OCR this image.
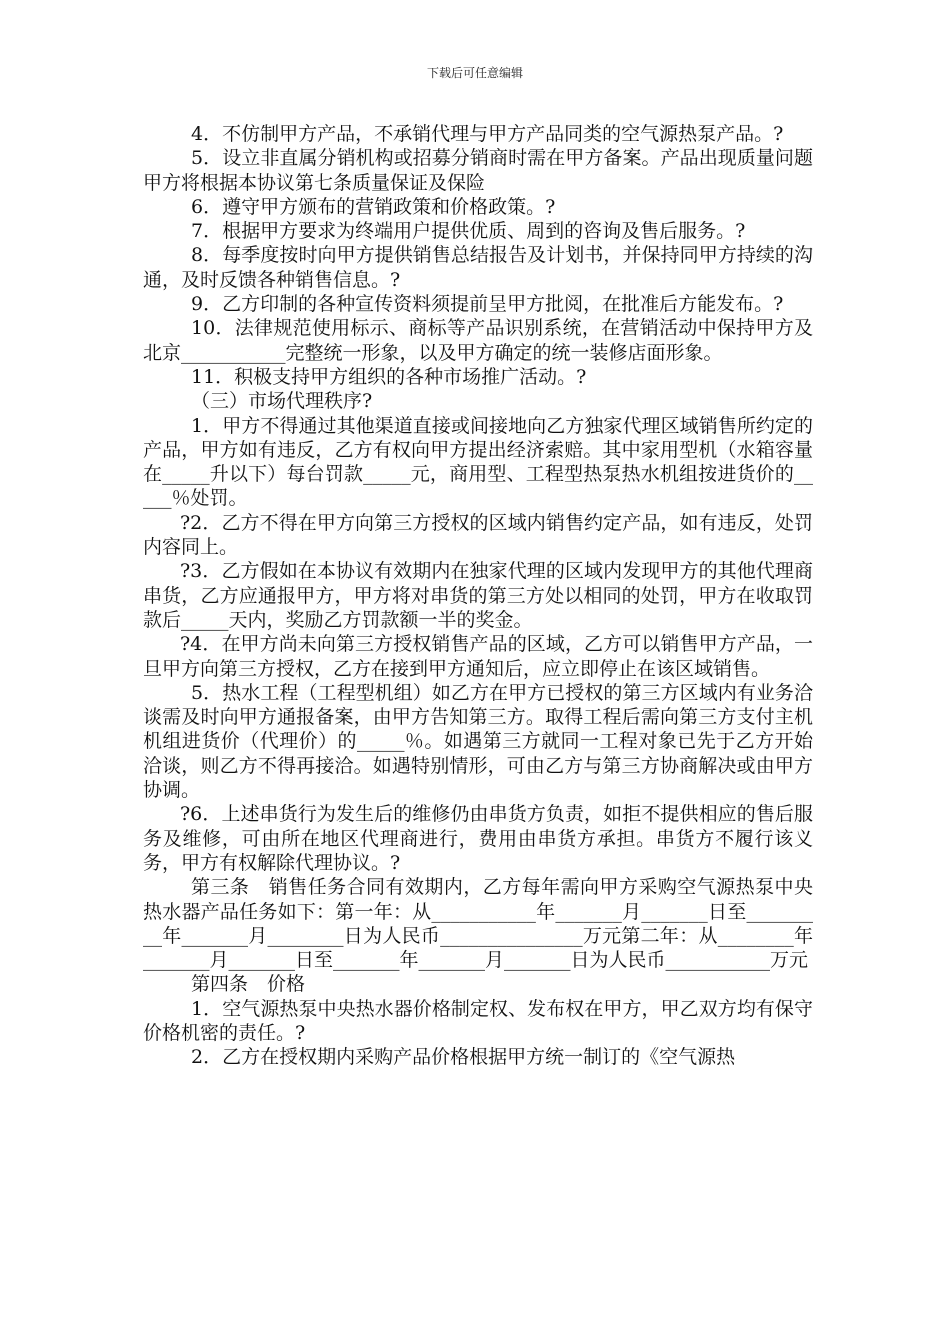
下载后可任意编辑

4．不仿制甲方产品，不承销代理与甲方产品同类的空气源热泵产品。?

5．设立非直属分销机构或招募分销商时需在甲方备案。产品出现质量问题甲方将根据本协议第七条质量保证及保险

6．遵守甲方颁布的营销政策和价格政策。?

7．根据甲方要求为终端用户提供优质、周到的咨询及售后服务。?

8．每季度按时向甲方提供销售总结报告及计划书，并保持同甲方持续的沟通，及时反馈各种销售信息。?

9．乙方印制的各种宣传资料须提前呈甲方批阅，在批准后方能发布。?

10．法律规范使用标示、商标等产品识别系统，在营销活动中保持甲方及北京___________完整统一形象，以及甲方确定的统一装修店面形象。

11．积极支持甲方组织的各种市场推广活动。?

（三）市场代理秩序?

1．甲方不得通过其他渠道直接或间接地向乙方独家代理区域销售所约定的产品，甲方如有违反，乙方有权向甲方提出经济索赔。其中家用型机（水箱容量在_____升以下）每台罚款_____元，商用型、工程型热泵热水机组按进货价的_____％处罚。

?2．乙方不得在甲方向第三方授权的区域内销售约定产品，如有违反，处罚内容同上。

?3．乙方假如在本协议有效期内在独家代理的区域内发现甲方的其他代理商串货，乙方应通报甲方，甲方将对串货的第三方处以相同的处罚，甲方在收取罚款后_____天内，奖励乙方罚款额一半的奖金。

?4．在甲方尚未向第三方授权销售产品的区域，乙方可以销售甲方产品，一旦甲方向第三方授权，乙方在接到甲方通知后，应立即停止在该区域销售。

5．热水工程（工程型机组）如乙方在甲方已授权的第三方区域内有业务洽谈需及时向甲方通报备案，由甲方告知第三方。取得工程后需向第三方支付主机机组进货价（代理价）的_____％。如遇第三方就同一工程对象已先于乙方开始洽谈，则乙方不得再接洽。如遇特别情形，可由乙方与第三方协商解决或由甲方协调。

?6．上述串货行为发生后的维修仍由串货方负责，如拒不提供相应的售后服务及维修，可由所在地区代理商进行，费用由串货方承担。串货方不履行该义务，甲方有权解除代理协议。?

第三条　销售任务合同有效期内，乙方每年需向甲方采购空气源热泵中央热水器产品任务如下：第一年：从___________年_______月_______日至_________年_______月________日为人民币_______________万元第二年：从________年_______月_______日至_______年_______月_______日为人民币___________万元

第四条　价格

1．空气源热泵中央热水器价格制定权、发布权在甲方，甲乙双方均有保守价格机密的责任。?

2．乙方在授权期内采购产品价格根据甲方统一制订的《空气源热
